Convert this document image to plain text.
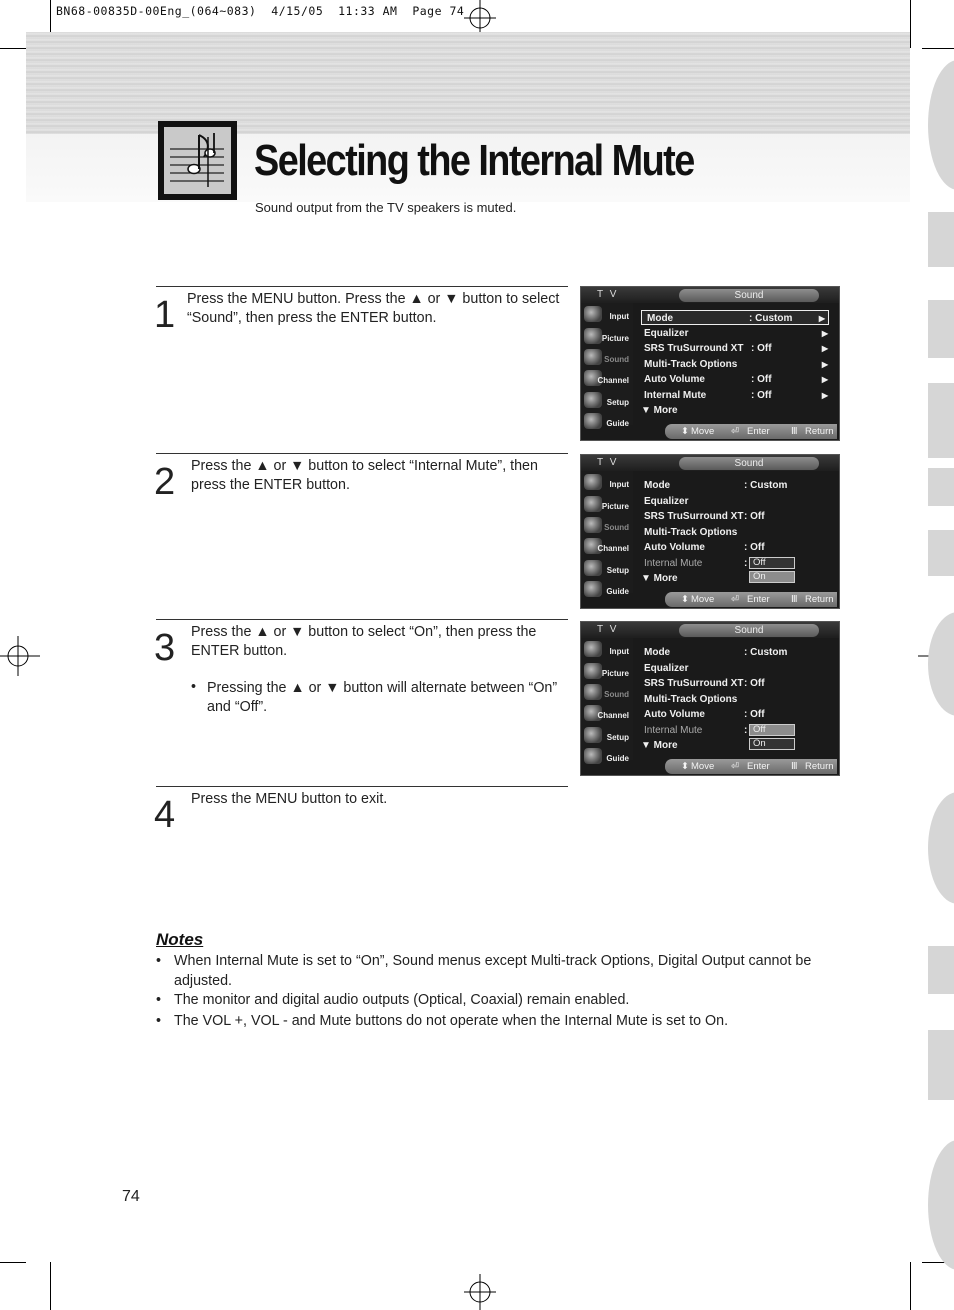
BN68-00835D-00Eng_(064~083)  4/15/05  11:33 AM  Page 74
Selecting the Internal Mute
Sound output from the TV speakers is muted.
1 Press the MENU button. Press the ▲ or ▼ button to select “Sound”, then press the ENTER button.
2 Press the ▲ or ▼ button to select “Internal Mute”, then press the ENTER button.
3 Press the ▲ or ▼ button to select “On”, then press the ENTER button.
• Pressing the ▲ or ▼ button will alternate between “On” and “Off”.
4 Press the MENU button to exit.
T V	Sound
Input
Picture
Sound
Channel
Setup
Guide
Mode	: Custom	▶
Equalizer	▶
SRS TruSurround XT : Off	▶
Multi-Track Options	▶
Auto Volume	: Off	▶
Internal Mute	: Off	▶
▼ More
⬍ Move ⏎ Enter Ⅲ Return
T V	Sound
Input
Picture
Sound
Channel
Setup
Guide
Mode	: Custom
Equalizer
SRS TruSurround XT : Off
Multi-Track Options
Auto Volume	: Off
Internal Mute	:
▼ More
Off
On
⬍ Move ⏎ Enter Ⅲ Return
T V	Sound
Input
Picture
Sound
Channel
Setup
Guide
Mode	: Custom
Equalizer
SRS TruSurround XT : Off
Multi-Track Options
Auto Volume	: Off
Internal Mute	:
▼ More
Off
On
⬍ Move ⏎ Enter Ⅲ Return
Notes
• When Internal Mute is set to “On”, Sound menus except Multi-track Options, Digital Output cannot be adjusted.
• The monitor and digital audio outputs (Optical, Coaxial) remain enabled.
• The VOL +, VOL - and Mute buttons do not operate when the Internal Mute is set to On.
74
